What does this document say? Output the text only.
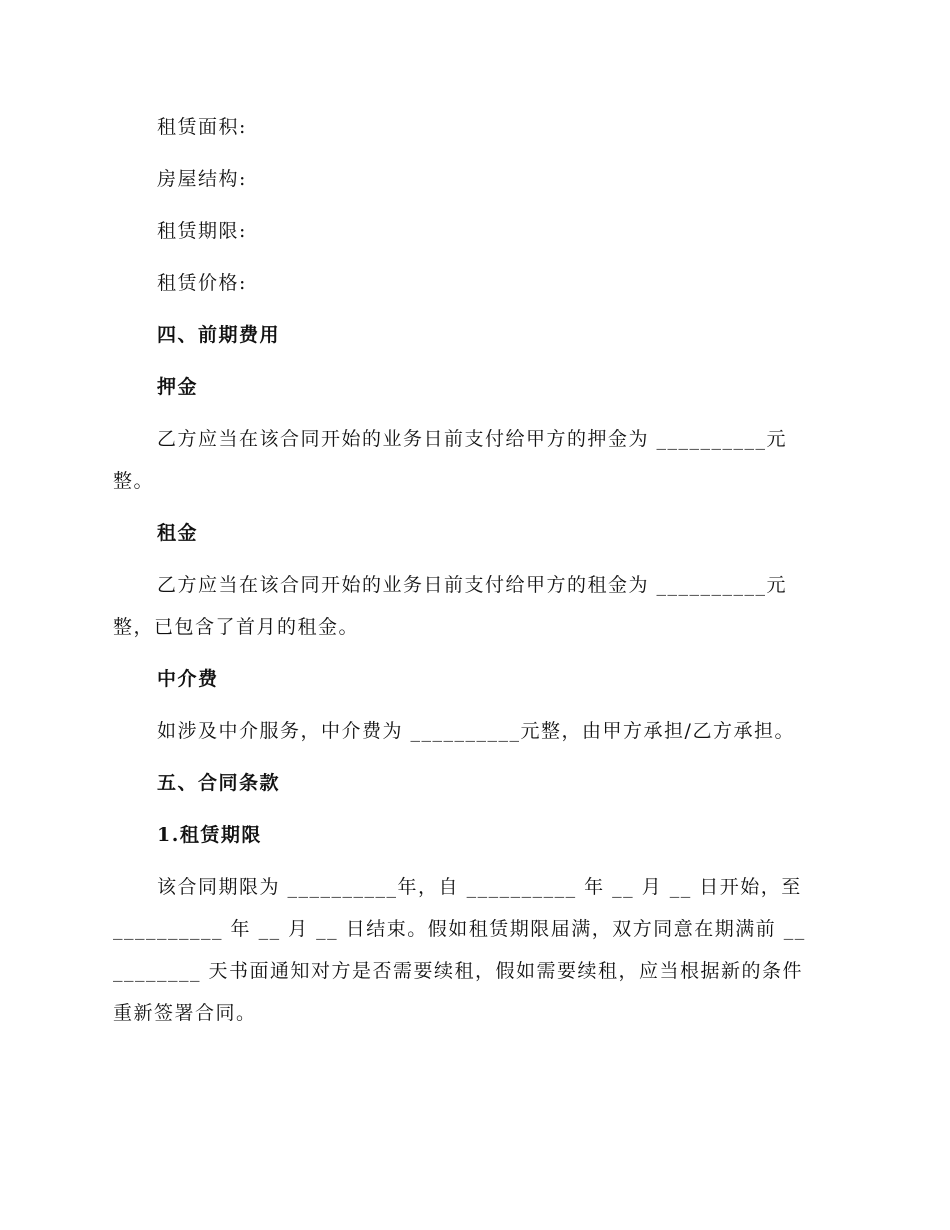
租赁面积:

房屋结构:

租赁期限:

租赁价格:

四、前期费用

押金

乙方应当在该合同开始的业务日前支付给甲方的押金为 __________元
整。

租金

乙方应当在该合同开始的业务日前支付给甲方的租金为 __________元
整，已包含了首月的租金。

中介费

如涉及中介服务，中介费为 __________元整，由甲方承担/乙方承担。

五、合同条款

1.租赁期限

该合同期限为 __________年，自 __________ 年 __ 月 __ 日开始，至
__________ 年 __ 月 __ 日结束。假如租赁期限届满，双方同意在期满前 __
________ 天书面通知对方是否需要续租，假如需要续租，应当根据新的条件
重新签署合同。
